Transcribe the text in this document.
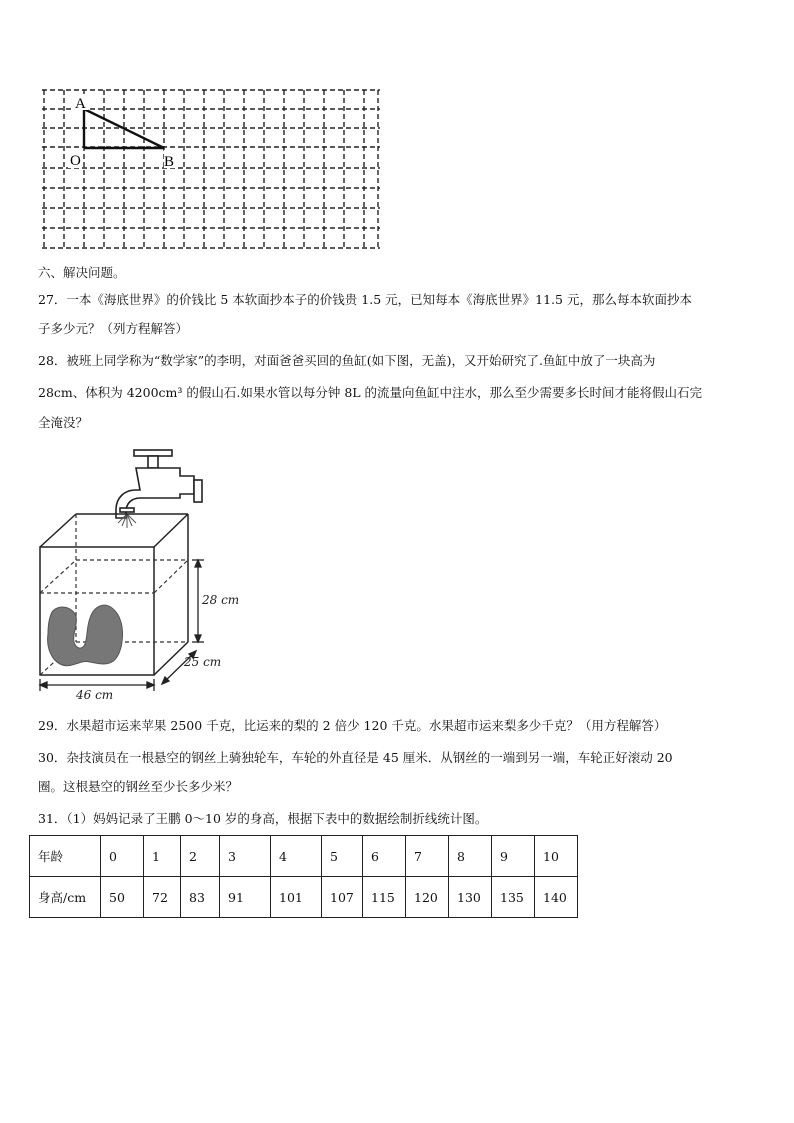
A
O	B
六、解决问题。
27．一本《海底世界》的价钱比 5 本软面抄本子的价钱贵 1.5 元，已知每本《海底世界》11.5 元，那么每本软面抄本
子多少元？（列方程解答）
28．被班上同学称为“数学家”的李明，对面爸爸买回的鱼缸(如下图，无盖)，又开始研究了.鱼缸中放了一块高为
28cm、体积为 4200cm³ 的假山石.如果水管以每分钟 8L 的流量向鱼缸中注水，那么至少需要多长时间才能将假山石完
全淹没？
28 cm
25 cm
46 cm
29．水果超市运来苹果 2500 千克，比运来的梨的 2 倍少 120 千克。水果超市运来梨多少千克？（用方程解答）
30．杂技演员在一根悬空的钢丝上骑独轮车，车轮的外直径是 45 厘米．从钢丝的一端到另一端，车轮正好滚动 20
圈。这根悬空的钢丝至少长多少米？
31．（1）妈妈记录了王鹏 0～10 岁的身高，根据下表中的数据绘制折线统计图。
年龄	0	1	2	3	4	5	6	7	8	9	10
身高/cm	50	72	83	91	101	107	115	120	130	135	140
